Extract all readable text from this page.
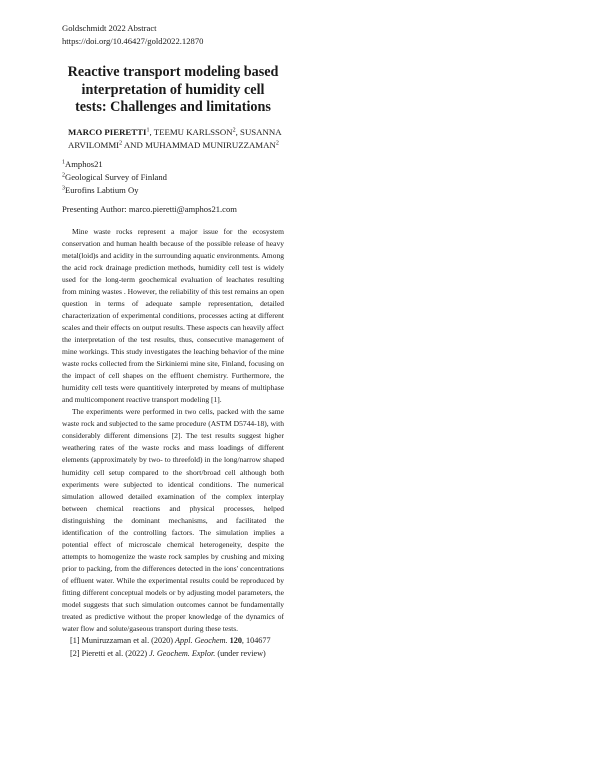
Goldschmidt 2022 Abstract
https://doi.org/10.46427/gold2022.12870
Reactive transport modeling based interpretation of humidity cell tests: Challenges and limitations
MARCO PIERETTI$^1$, TEEMU KARLSSON$^2$, SUSANNA ARVILOMMI$^2$ AND MUHAMMAD MUNIRUZZAMAN$^2$
$^1$Amphos21
$^2$Geological Survey of Finland
$^3$Eurofins Labtium Oy
Presenting Author: marco.pieretti@amphos21.com

Mine waste rocks represent a major issue for the ecosystem conservation and human health because of the possible release of heavy metal(loid)s and acidity in the surrounding aquatic environments. Among the acid rock drainage prediction methods, humidity cell test is widely used for the long-term geochemical evaluation of leachates resulting from mining wastes . However, the reliability of this test remains an open question in terms of adequate sample representation, detailed characterization of experimental conditions, processes acting at different scales and their effects on output results. These aspects can heavily affect the interpretation of the test results, thus, consecutive management of mine workings. This study investigates the leaching behavior of the mine waste rocks collected from the Sirkiniemi mine site, Finland, focusing on the impact of cell shapes on the effluent chemistry. Furthermore, the humidity cell tests were quantitively interpreted by means of multiphase and multicomponent reactive transport modeling [1].

The experiments were performed in two cells, packed with the same waste rock and subjected to the same procedure (ASTM D5744-18), with considerably different dimensions [2]. The test results suggest higher weathering rates of the waste rocks and mass loadings of different elements (approximately by two- to threefold) in the long/narrow shaped humidity cell setup compared to the short/broad cell although both experiments were subjected to identical conditions. The numerical simulation allowed detailed examination of the complex interplay between chemical reactions and physical processes, helped distinguishing the dominant mechanisms, and facilitated the identification of the controlling factors. The simulation implies a potential effect of microscale chemical heterogeneity, despite the attempts to homogenize the waste rock samples by crushing and mixing prior to packing, from the differences detected in the ions' concentrations of effluent water. While the experimental results could be reproduced by fitting different conceptual models or by adjusting model parameters, the model suggests that such simulation outcomes cannot be fundamentally treated as predictive without the proper knowledge of the dynamics of water flow and solute/gaseous transport during these tests.

[1] Muniruzzaman et al. (2020) Appl. Geochem. 120, 104677
[2] Pieretti et al. (2022) J. Geochem. Explor. (under review)
